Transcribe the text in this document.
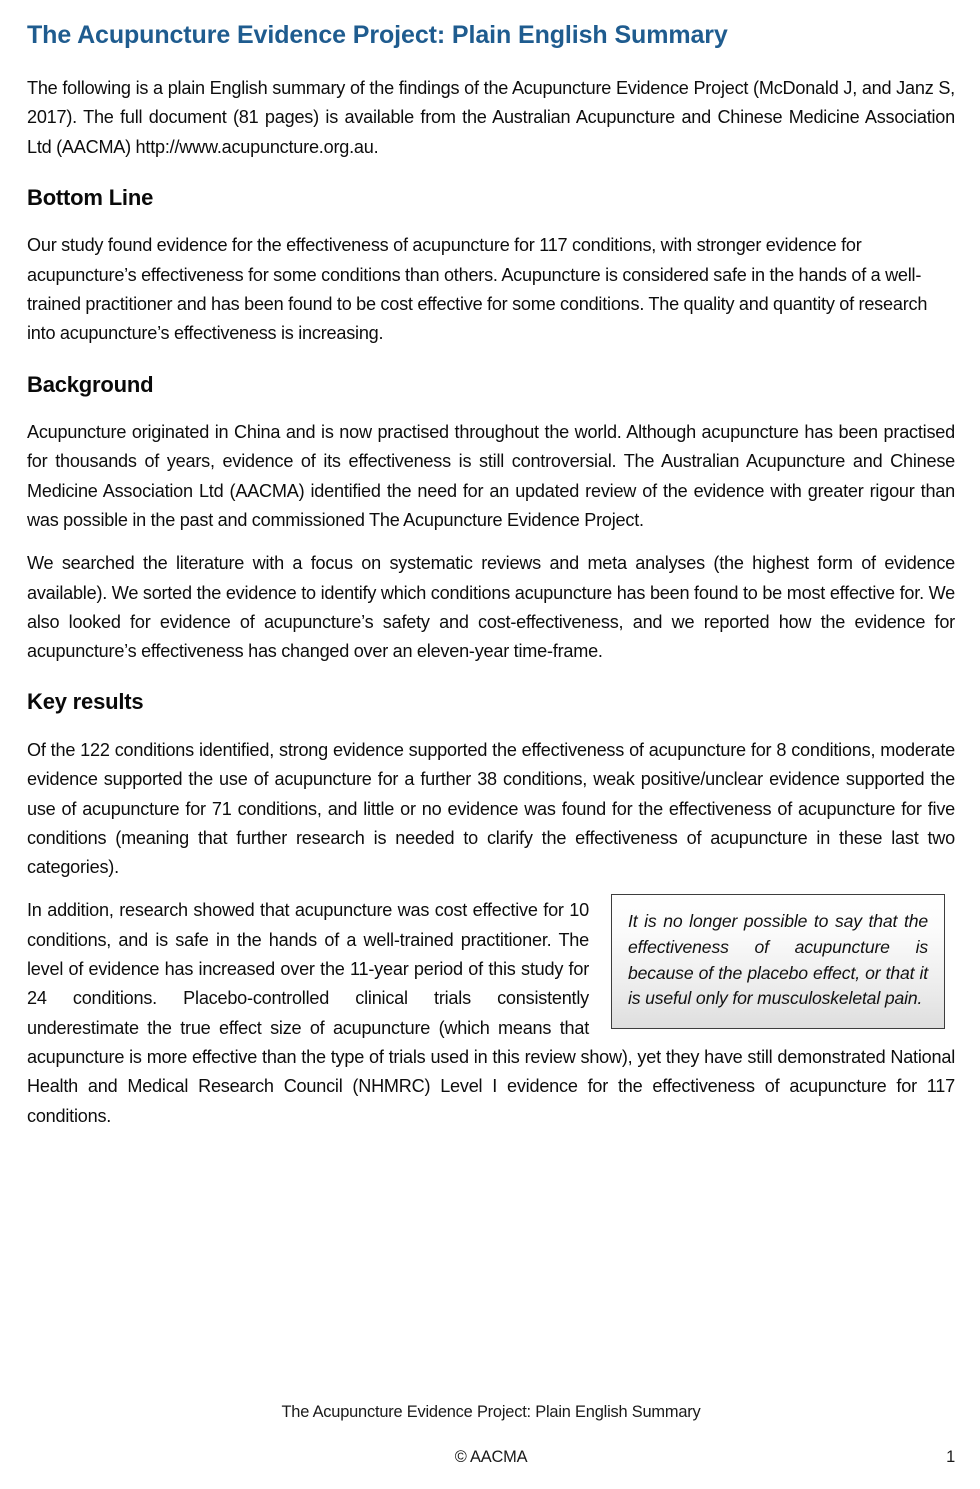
The Acupuncture Evidence Project: Plain English Summary

The following is a plain English summary of the findings of the Acupuncture Evidence Project (McDonald J, and Janz S, 2017). The full document (81 pages) is available from the Australian Acupuncture and Chinese Medicine Association Ltd (AACMA) http://www.acupuncture.org.au.

Bottom Line

Our study found evidence for the effectiveness of acupuncture for 117 conditions, with stronger evidence for acupuncture’s effectiveness for some conditions than others. Acupuncture is considered safe in the hands of a well-trained practitioner and has been found to be cost effective for some conditions. The quality and quantity of research into acupuncture’s effectiveness is increasing.

Background

Acupuncture originated in China and is now practised throughout the world. Although acupuncture has been practised for thousands of years, evidence of its effectiveness is still controversial. The Australian Acupuncture and Chinese Medicine Association Ltd (AACMA) identified the need for an updated review of the evidence with greater rigour than was possible in the past and commissioned The Acupuncture Evidence Project.

We searched the literature with a focus on systematic reviews and meta analyses (the highest form of evidence available). We sorted the evidence to identify which conditions acupuncture has been found to be most effective for. We also looked for evidence of acupuncture’s safety and cost-effectiveness, and we reported how the evidence for acupuncture’s effectiveness has changed over an eleven-year time-frame.

Key results

Of the 122 conditions identified, strong evidence supported the effectiveness of acupuncture for 8 conditions, moderate evidence supported the use of acupuncture for a further 38 conditions, weak positive/unclear evidence supported the use of acupuncture for 71 conditions, and little or no evidence was found for the effectiveness of acupuncture for five conditions (meaning that further research is needed to clarify the effectiveness of acupuncture in these last two categories).

It is no longer possible to say that the effectiveness of acupuncture is because of the placebo effect, or that it is useful only for musculoskeletal pain.

In addition, research showed that acupuncture was cost effective for 10 conditions, and is safe in the hands of a well-trained practitioner. The level of evidence has increased over the 11-year period of this study for 24 conditions. Placebo-controlled clinical trials consistently underestimate the true effect size of acupuncture (which means that acupuncture is more effective than the type of trials used in this review show), yet they have still demonstrated National Health and Medical Research Council (NHMRC) Level I evidence for the effectiveness of acupuncture for 117 conditions.

The Acupuncture Evidence Project: Plain English Summary
© AACMA	1
